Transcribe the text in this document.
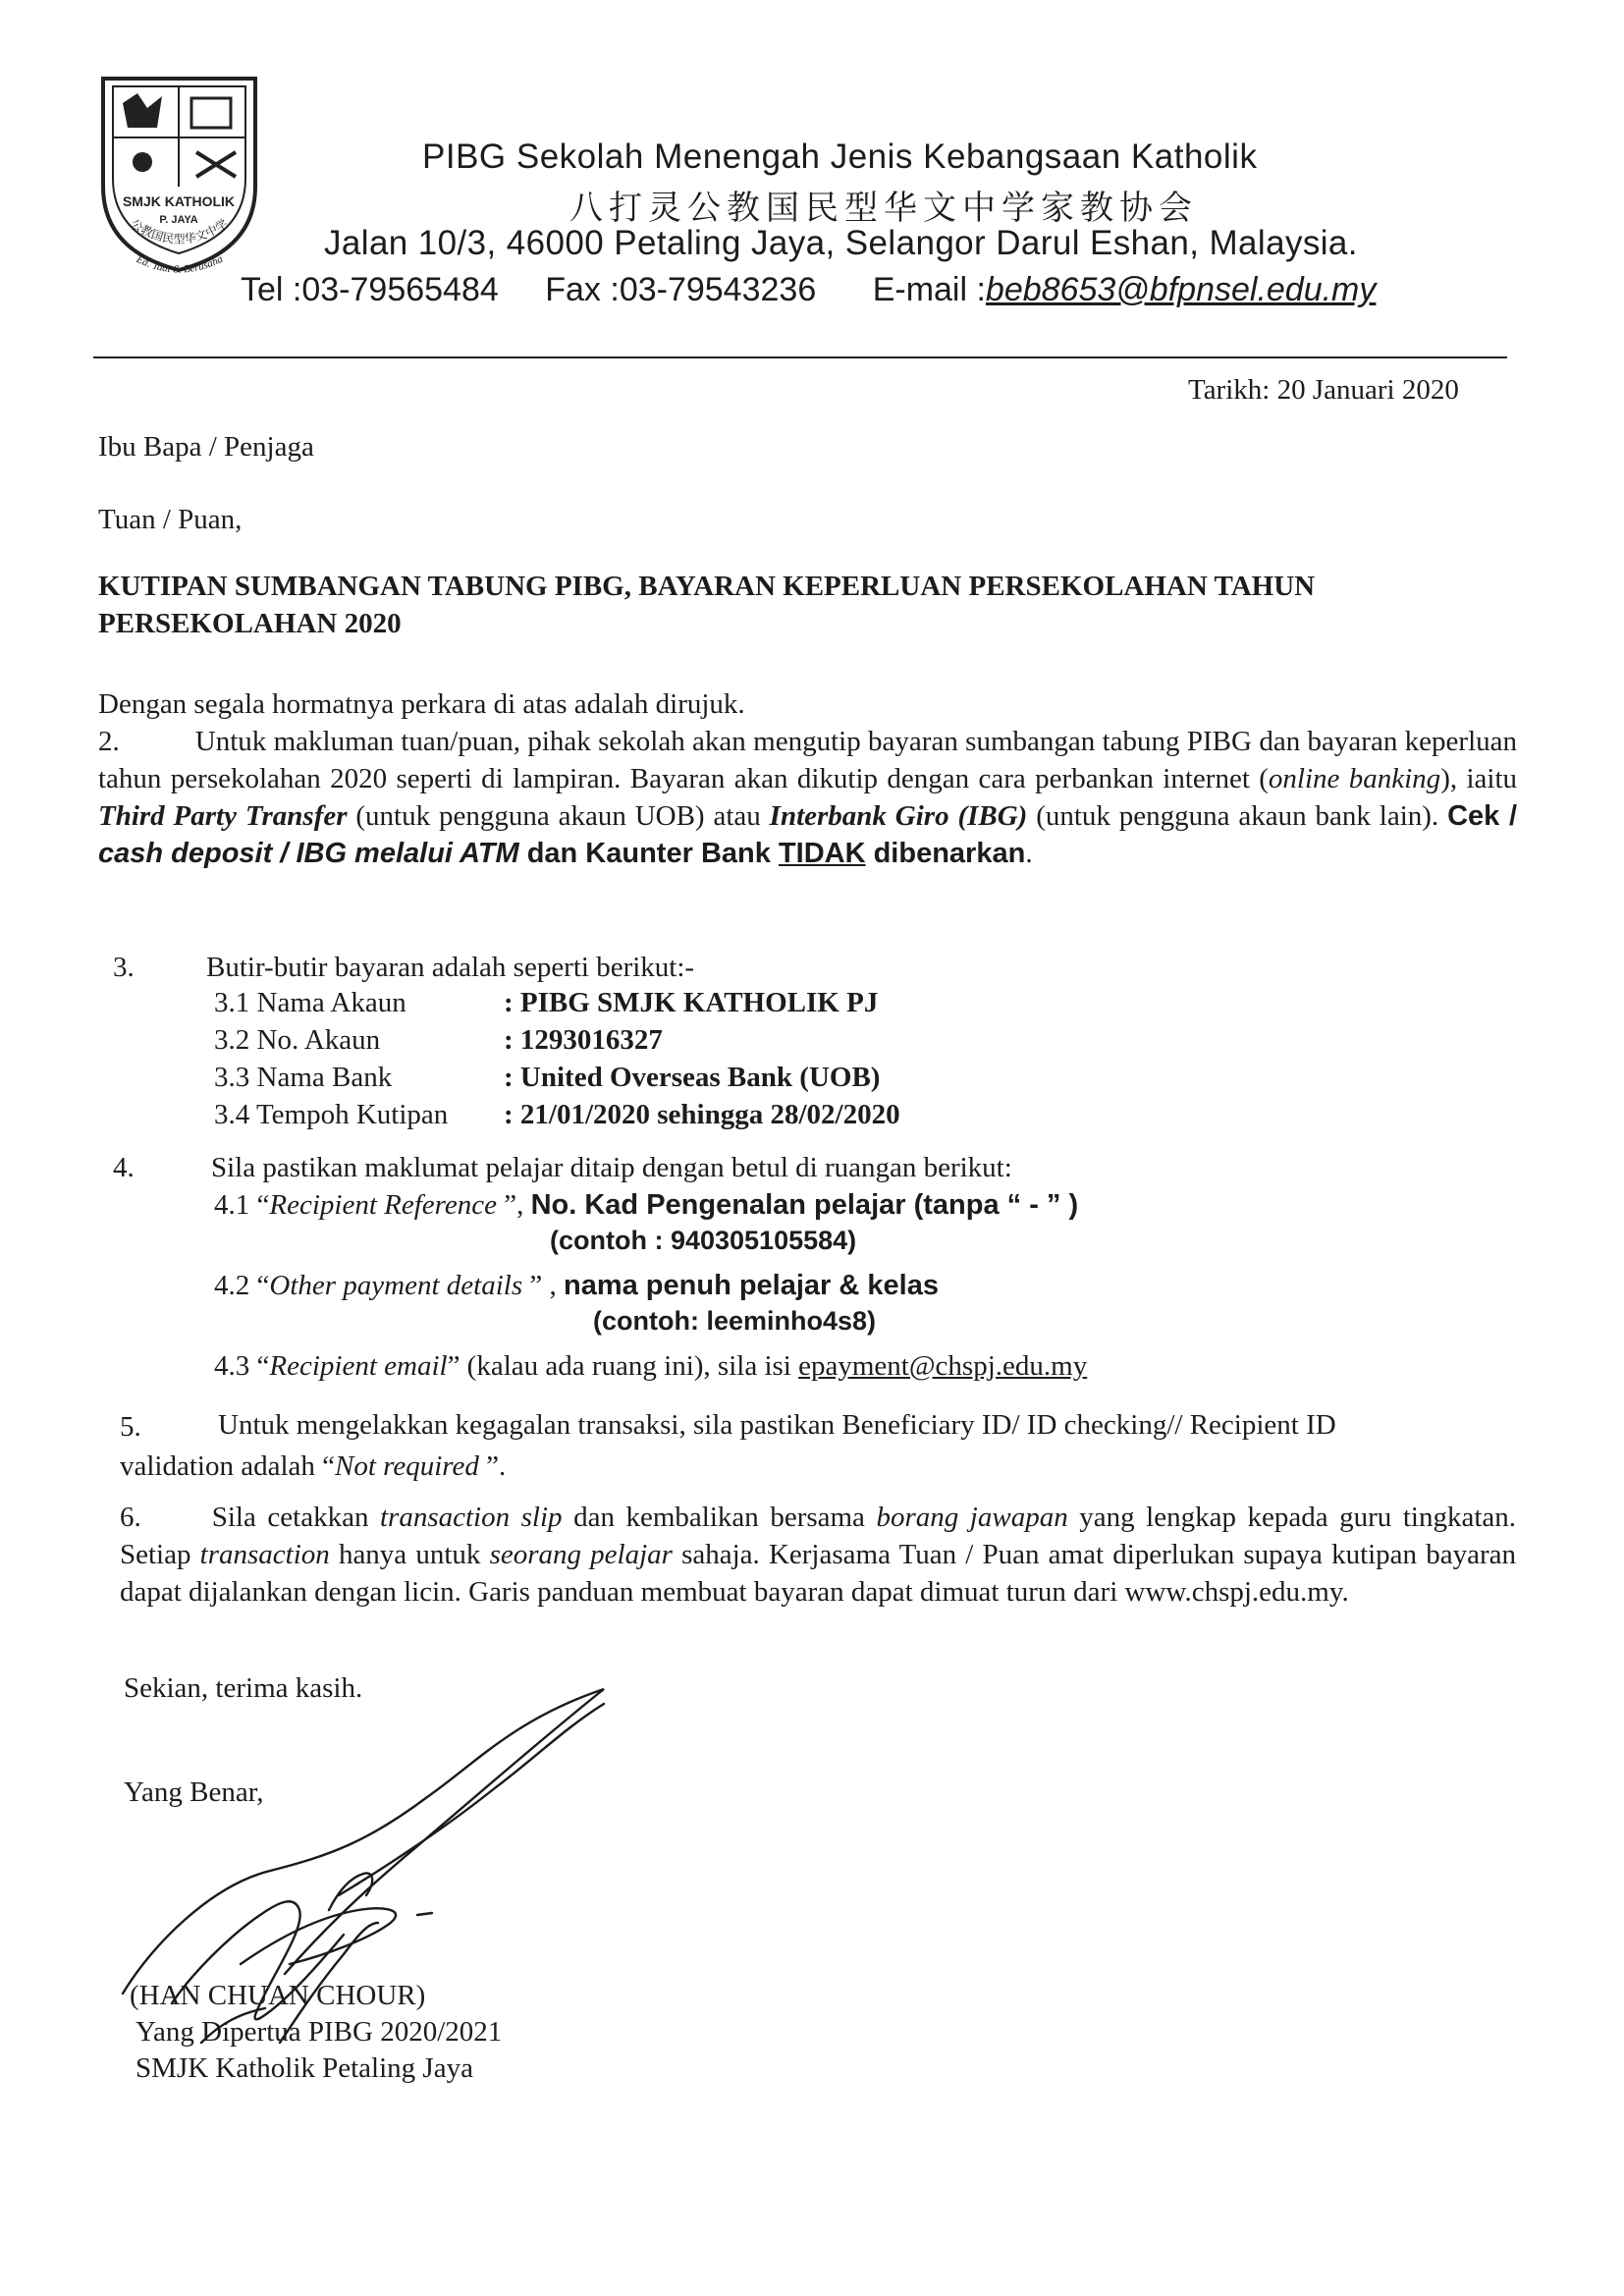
SMJK KATHOLIK
P. JAYA
公教国民型华文中学
Ed. Taat & Berusaha
PIBG Sekolah Menengah Jenis Kebangsaan Katholik
八打灵公教国民型华文中学家教协会
Jalan 10/3, 46000 Petaling Jaya, Selangor Darul Eshan, Malaysia.
Tel :03-79565484 Fax :03-79543236 E-mail :beb8653@bfpnsel.edu.my
Tarikh: 20 Januari 2020
Ibu Bapa / Penjaga
Tuan / Puan,
KUTIPAN SUMBANGAN TABUNG PIBG, BAYARAN KEPERLUAN PERSEKOLAHAN TAHUN
PERSEKOLAHAN 2020
Dengan segala hormatnya perkara di atas adalah dirujuk.
2.	Untuk makluman tuan/puan, pihak sekolah akan mengutip bayaran sumbangan tabung PIBG dan bayaran keperluan tahun persekolahan 2020 seperti di lampiran. Bayaran akan dikutip dengan cara perbankan internet (online banking), iaitu Third Party Transfer (untuk pengguna akaun UOB) atau Interbank Giro (IBG) (untuk pengguna akaun bank lain). Cek / cash deposit / IBG melalui ATM dan Kaunter Bank TIDAK dibenarkan.
3.	Butir-butir bayaran adalah seperti berikut:-
3.1 Nama Akaun	: PIBG SMJK KATHOLIK PJ
3.2 No. Akaun	: 1293016327
3.3 Nama Bank	: United Overseas Bank (UOB)
3.4 Tempoh Kutipan	: 21/01/2020 sehingga 28/02/2020
4.	Sila pastikan maklumat pelajar ditaip dengan betul di ruangan berikut:
4.1 “Recipient Reference ”, No. Kad Pengenalan pelajar (tanpa “ - ” )
(contoh : 940305105584)
4.2 “Other payment details ” , nama penuh pelajar & kelas
(contoh: leeminho4s8)
4.3 “Recipient email” (kalau ada ruang ini), sila isi epayment@chspj.edu.my
5.	Untuk mengelakkan kegagalan transaksi, sila pastikan Beneficiary ID/ ID checking// Recipient ID
validation adalah “Not required ”.
6. Sila cetakkan transaction slip dan kembalikan bersama borang jawapan yang lengkap kepada guru tingkatan. Setiap transaction hanya untuk seorang pelajar sahaja. Kerjasama Tuan / Puan amat diperlukan supaya kutipan bayaran dapat dijalankan dengan licin. Garis panduan membuat bayaran dapat dimuat turun dari www.chspj.edu.my.
Sekian, terima kasih.
Yang Benar,
(HAN CHUAN CHOUR)
Yang Dipertua PIBG 2020/2021
SMJK Katholik Petaling Jaya
